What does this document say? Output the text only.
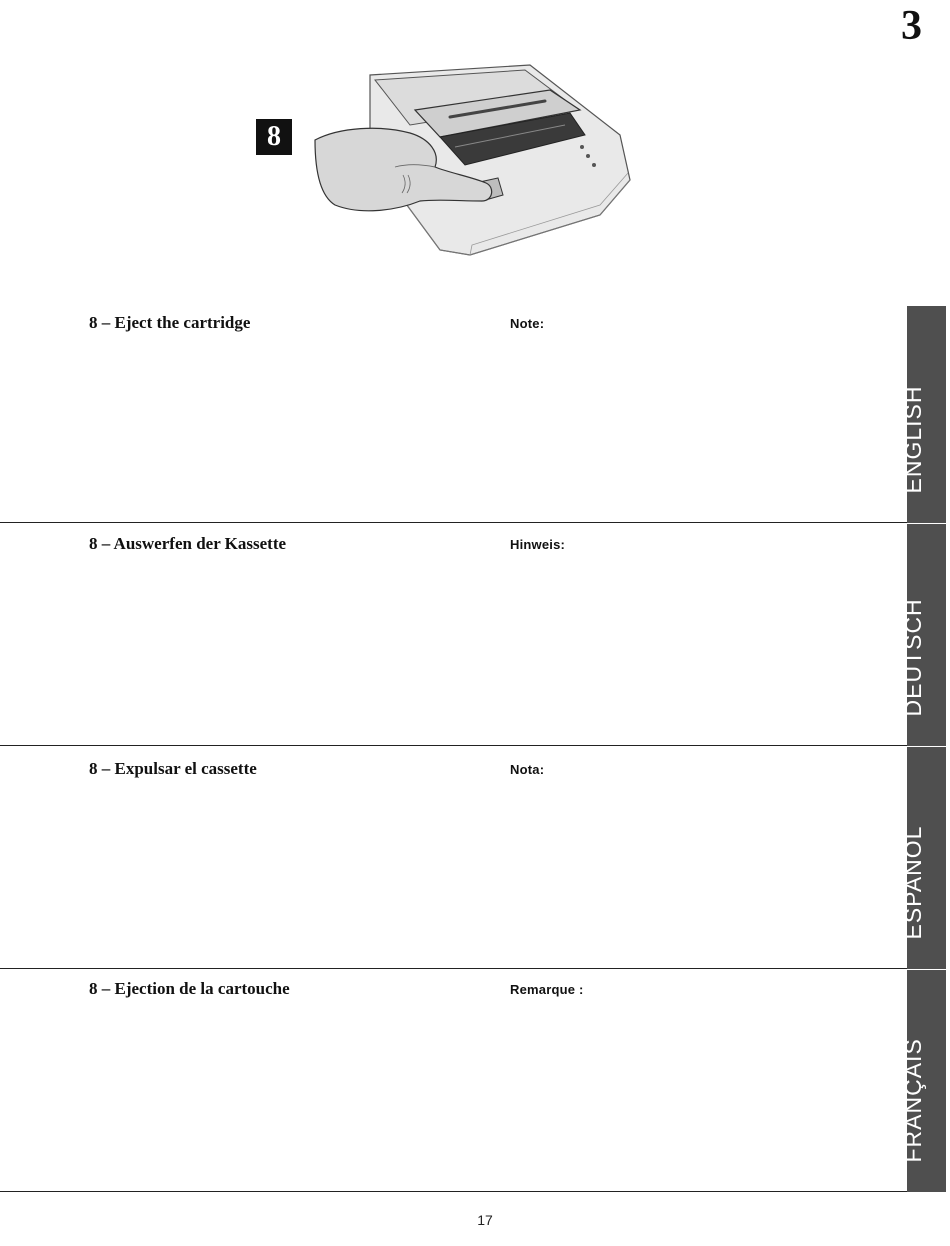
3
8
8 – Eject the cartridge	Note:
8 – Auswerfen der Kassette	Hinweis:
8 – Expulsar el cassette	Nota:
8 – Ejection de la cartouche	Remarque :
ENGLISH
DEUTSCH
ESPAÑOL
FRANÇAIS
17
